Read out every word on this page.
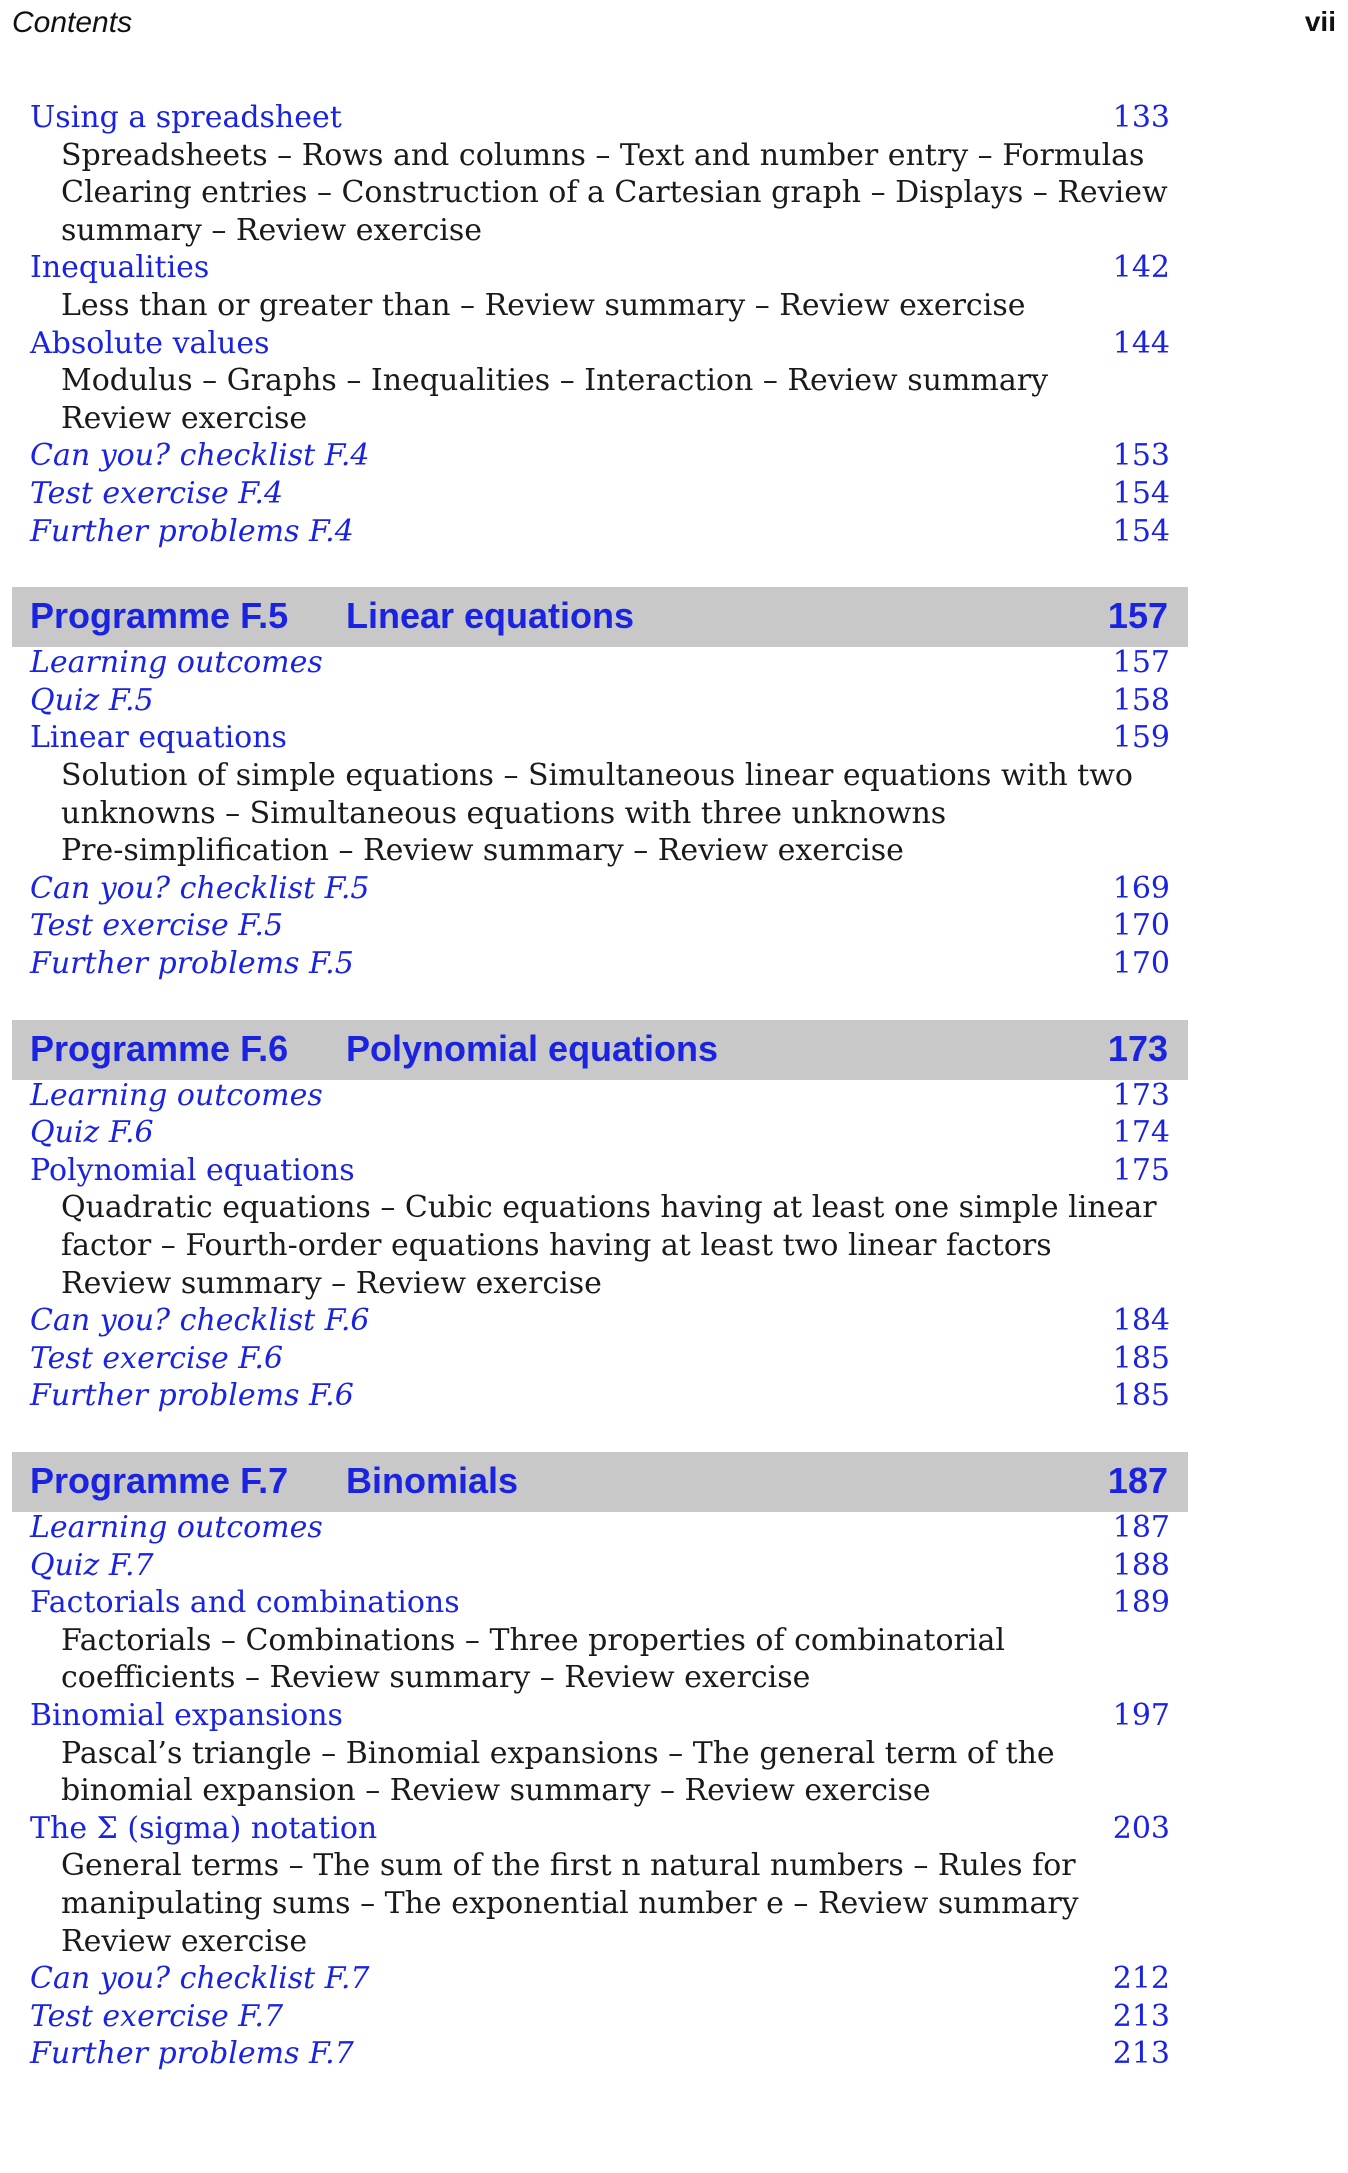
Contents	vii
Using a spreadsheet	133
Spreadsheets – Rows and columns – Text and number entry – Formulas
Clearing entries – Construction of a Cartesian graph – Displays – Review
summary – Review exercise
Inequalities	142
Less than or greater than – Review summary – Review exercise
Absolute values	144
Modulus – Graphs – Inequalities – Interaction – Review summary
Review exercise
Can you? checklist F.4	153
Test exercise F.4	154
Further problems F.4	154
Programme F.5 Linear equations	157
Learning outcomes	157
Quiz F.5	158
Linear equations	159
Solution of simple equations – Simultaneous linear equations with two
unknowns – Simultaneous equations with three unknowns
Pre-simplification – Review summary – Review exercise
Can you? checklist F.5	169
Test exercise F.5	170
Further problems F.5	170
Programme F.6 Polynomial equations	173
Learning outcomes	173
Quiz F.6	174
Polynomial equations	175
Quadratic equations – Cubic equations having at least one simple linear
factor – Fourth-order equations having at least two linear factors
Review summary – Review exercise
Can you? checklist F.6	184
Test exercise F.6	185
Further problems F.6	185
Programme F.7 Binomials	187
Learning outcomes	187
Quiz F.7	188
Factorials and combinations	189
Factorials – Combinations – Three properties of combinatorial
coefficients – Review summary – Review exercise
Binomial expansions	197
Pascal’s triangle – Binomial expansions – The general term of the
binomial expansion – Review summary – Review exercise
The Σ (sigma) notation	203
General terms – The sum of the first n natural numbers – Rules for
manipulating sums – The exponential number e – Review summary
Review exercise
Can you? checklist F.7	212
Test exercise F.7	213
Further problems F.7	213
